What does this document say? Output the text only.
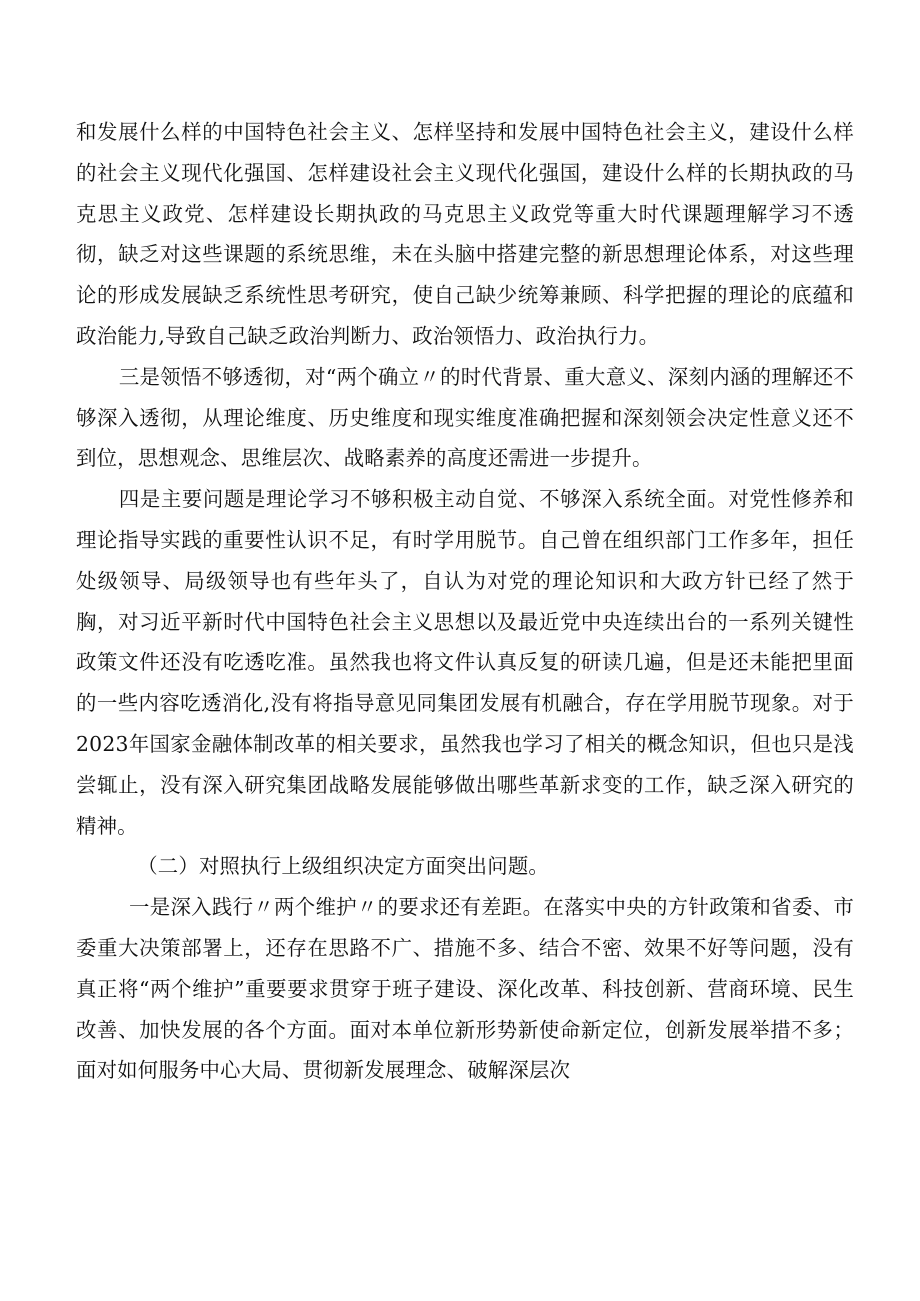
和发展什么样的中国特色社会主义、怎样坚持和发展中国特色社会主义，建设什么样的社会主义现代化强国、怎样建设社会主义现代化强国，建设什么样的长期执政的马克思主义政党、怎样建设长期执政的马克思主义政党等重大时代课题理解学习不透彻，缺乏对这些课题的系统思维，未在头脑中搭建完整的新思想理论体系，对这些理论的形成发展缺乏系统性思考研究，使自己缺少统筹兼顾、科学把握的理论的底蕴和政治能力,导致自己缺乏政治判断力、政治领悟力、政治执行力。

三是领悟不够透彻，对“两个确立〃的时代背景、重大意义、深刻内涵的理解还不够深入透彻，从理论维度、历史维度和现实维度准确把握和深刻领会决定性意义还不到位，思想观念、思维层次、战略素养的高度还需进一步提升。

四是主要问题是理论学习不够积极主动自觉、不够深入系统全面。对党性修养和理论指导实践的重要性认识不足，有时学用脱节。自己曾在组织部门工作多年，担任处级领导、局级领导也有些年头了，自认为对党的理论知识和大政方针已经了然于胸，对习近平新时代中国特色社会主义思想以及最近党中央连续出台的一系列关键性政策文件还没有吃透吃准。虽然我也将文件认真反复的研读几遍，但是还未能把里面的一些内容吃透消化,没有将指导意见同集团发展有机融合，存在学用脱节现象。对于2023年国家金融体制改革的相关要求，虽然我也学习了相关的概念知识，但也只是浅尝辄止，没有深入研究集团战略发展能够做出哪些革新求变的工作，缺乏深入研究的精神。

（二）对照执行上级组织决定方面突出问题。

一是深入践行〃两个维护〃的要求还有差距。在落实中央的方针政策和省委、市委重大决策部署上，还存在思路不广、措施不多、结合不密、效果不好等问题，没有真正将“两个维护”重要要求贯穿于班子建设、深化改革、科技创新、营商环境、民生改善、加快发展的各个方面。面对本单位新形势新使命新定位，创新发展举措不多；面对如何服务中心大局、贯彻新发展理念、破解深层次
